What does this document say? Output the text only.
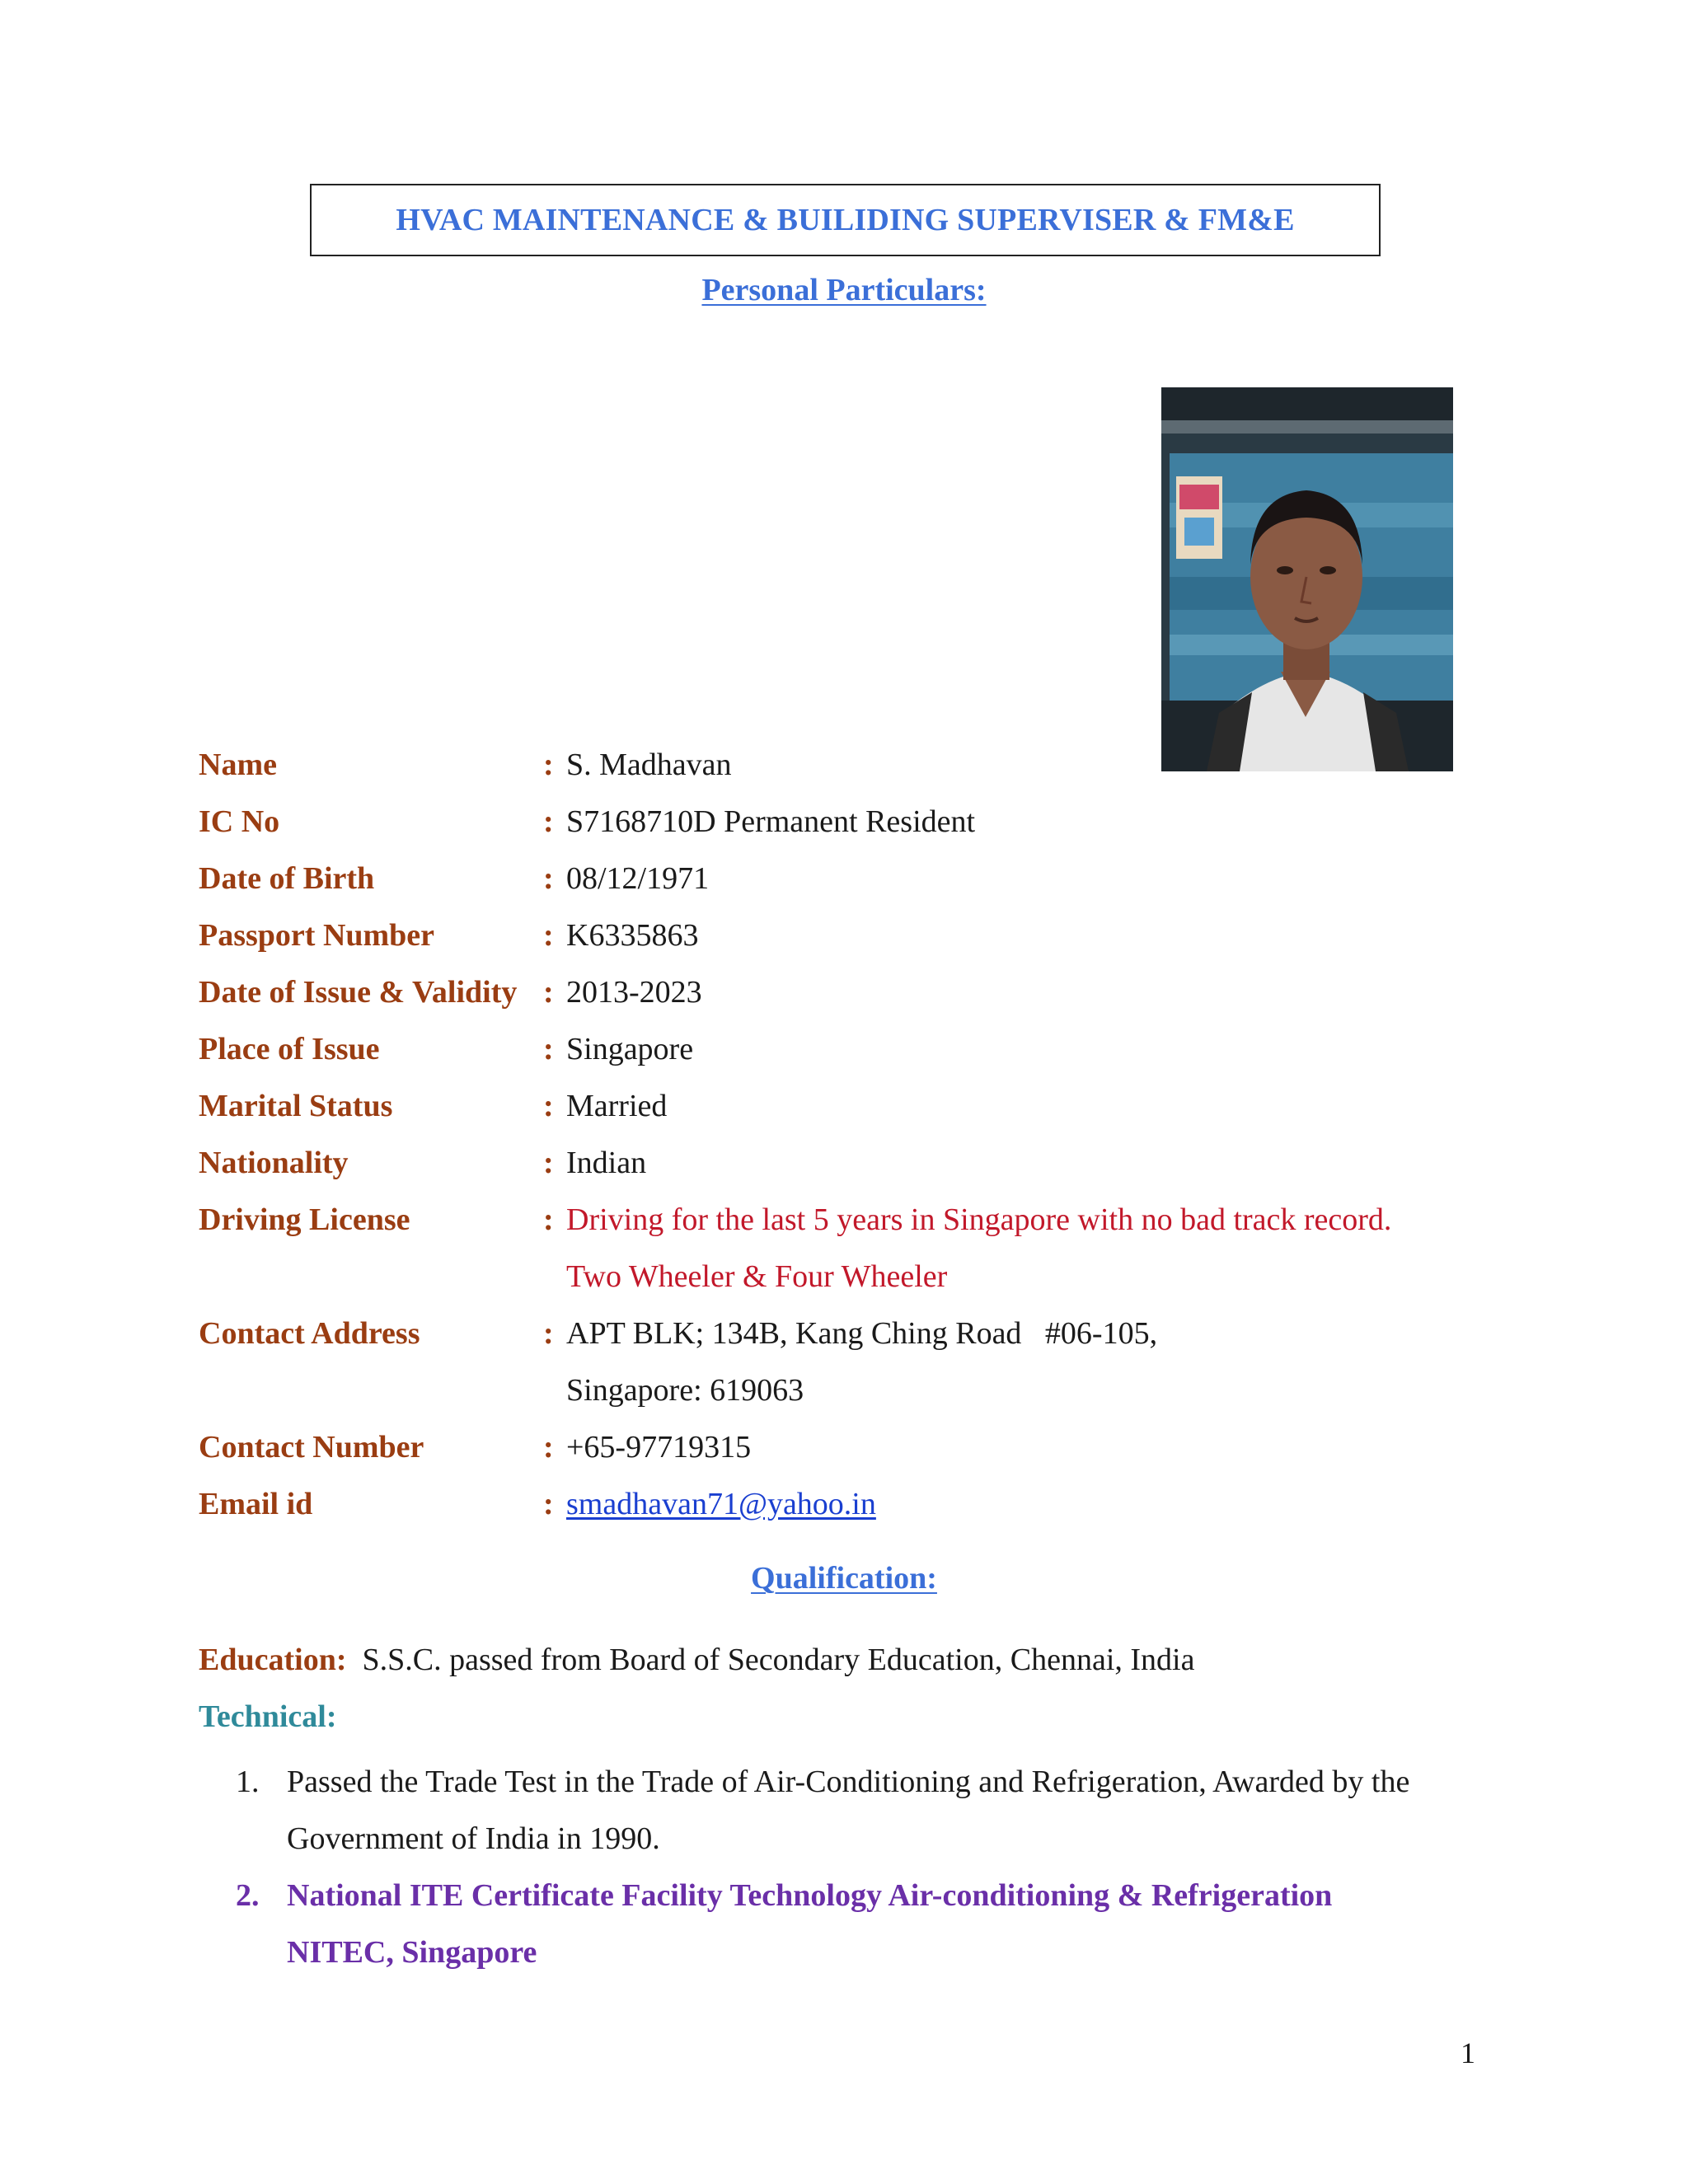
HVAC MAINTENANCE & BUILIDING SUPERVISER & FM&E
Personal Particulars:
Name	: S. Madhavan
IC No	: S7168710D Permanent Resident
Date of Birth	: 08/12/1971
Passport Number	: K6335863
Date of Issue & Validity : 2013-2023
Place of Issue	: Singapore
Marital Status	: Married
Nationality	: Indian
Driving License	: Driving for the last 5 years in Singapore with no bad track record.
Two Wheeler & Four Wheeler
Contact Address	: APT BLK; 134B, Kang Ching Road   #06-105,
Singapore: 619063
Contact Number	: +65-97719315
Email id	: smadhavan71@yahoo.in
Qualification:
Education: S.S.C. passed from Board of Secondary Education, Chennai, India
Technical:
1. Passed the Trade Test in the Trade of Air-Conditioning and Refrigeration, Awarded by the
Government of India in 1990.
2. National ITE Certificate Facility Technology Air-conditioning & Refrigeration
NITEC, Singapore
1
